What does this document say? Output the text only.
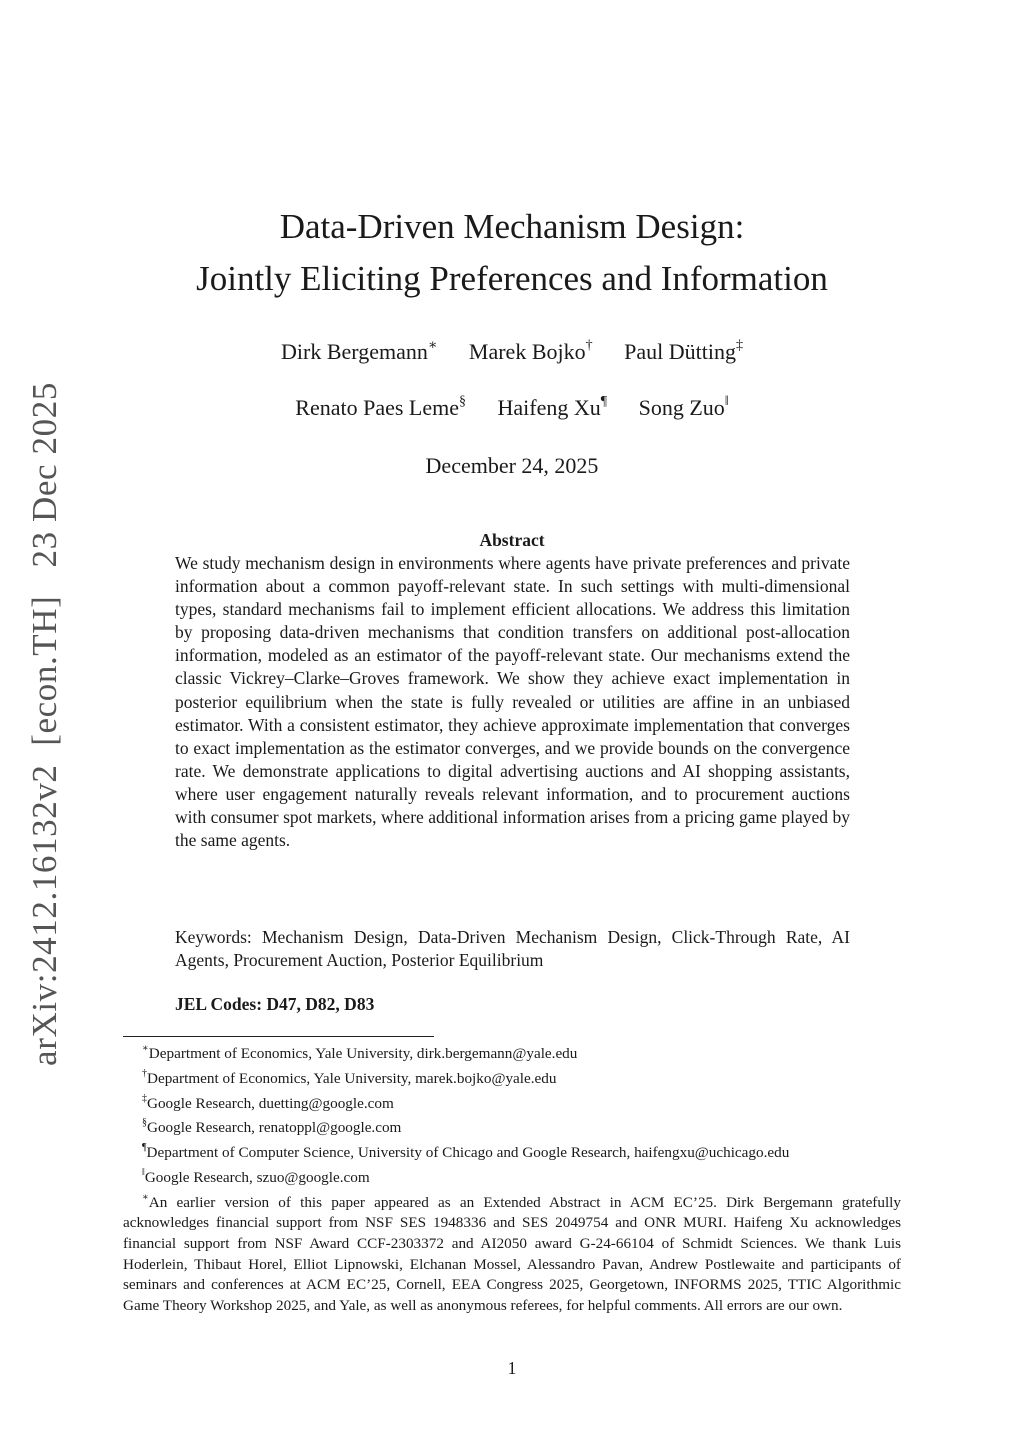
arXiv:2412.16132v2  [econ.TH]   23 Dec 2025
Data-Driven Mechanism Design:
Jointly Eliciting Preferences and Information
Dirk Bergemann∗ Marek Bojko† Paul Dütting‡
Renato Paes Leme§ Haifeng Xu¶ Song Zuo‖
December 24, 2025
Abstract
We study mechanism design in environments where agents have private preferences and private information about a common payoff-relevant state. In such settings with multi-dimensional types, standard mechanisms fail to implement efficient allocations. We address this limitation by proposing data-driven mechanisms that condition transfers on additional post-allocation information, modeled as an estimator of the payoff-relevant state. Our mechanisms extend the classic Vickrey–Clarke–Groves framework. We show they achieve exact implementation in posterior equilibrium when the state is fully revealed or utilities are affine in an unbiased estimator. With a consistent estimator, they achieve approximate implementation that converges to exact implementation as the estimator converges, and we provide bounds on the convergence rate. We demonstrate applications to digital advertising auctions and AI shopping assistants, where user engagement naturally reveals relevant information, and to procurement auctions with consumer spot markets, where additional information arises from a pricing game played by the same agents.
Keywords: Mechanism Design, Data-Driven Mechanism Design, Click-Through Rate, AI Agents, Procurement Auction, Posterior Equilibrium
JEL Codes: D47, D82, D83

∗Department of Economics, Yale University, dirk.bergemann@yale.edu

†Department of Economics, Yale University, marek.bojko@yale.edu

‡Google Research, duetting@google.com

§Google Research, renatoppl@google.com

¶Department of Computer Science, University of Chicago and Google Research, haifengxu@uchicago.edu

‖Google Research, szuo@google.com

∗An earlier version of this paper appeared as an Extended Abstract in ACM EC’25. Dirk Bergemann gratefully acknowledges financial support from NSF SES 1948336 and SES 2049754 and ONR MURI. Haifeng Xu acknowledges financial support from NSF Award CCF-2303372 and AI2050 award G-24-66104 of Schmidt Sciences. We thank Luis Hoderlein, Thibaut Horel, Elliot Lipnowski, Elchanan Mossel, Alessandro Pavan, Andrew Postlewaite and participants of seminars and conferences at ACM EC’25, Cornell, EEA Congress 2025, Georgetown, INFORMS 2025, TTIC Algorithmic Game Theory Workshop 2025, and Yale, as well as anonymous referees, for helpful comments. All errors are our own.

1
